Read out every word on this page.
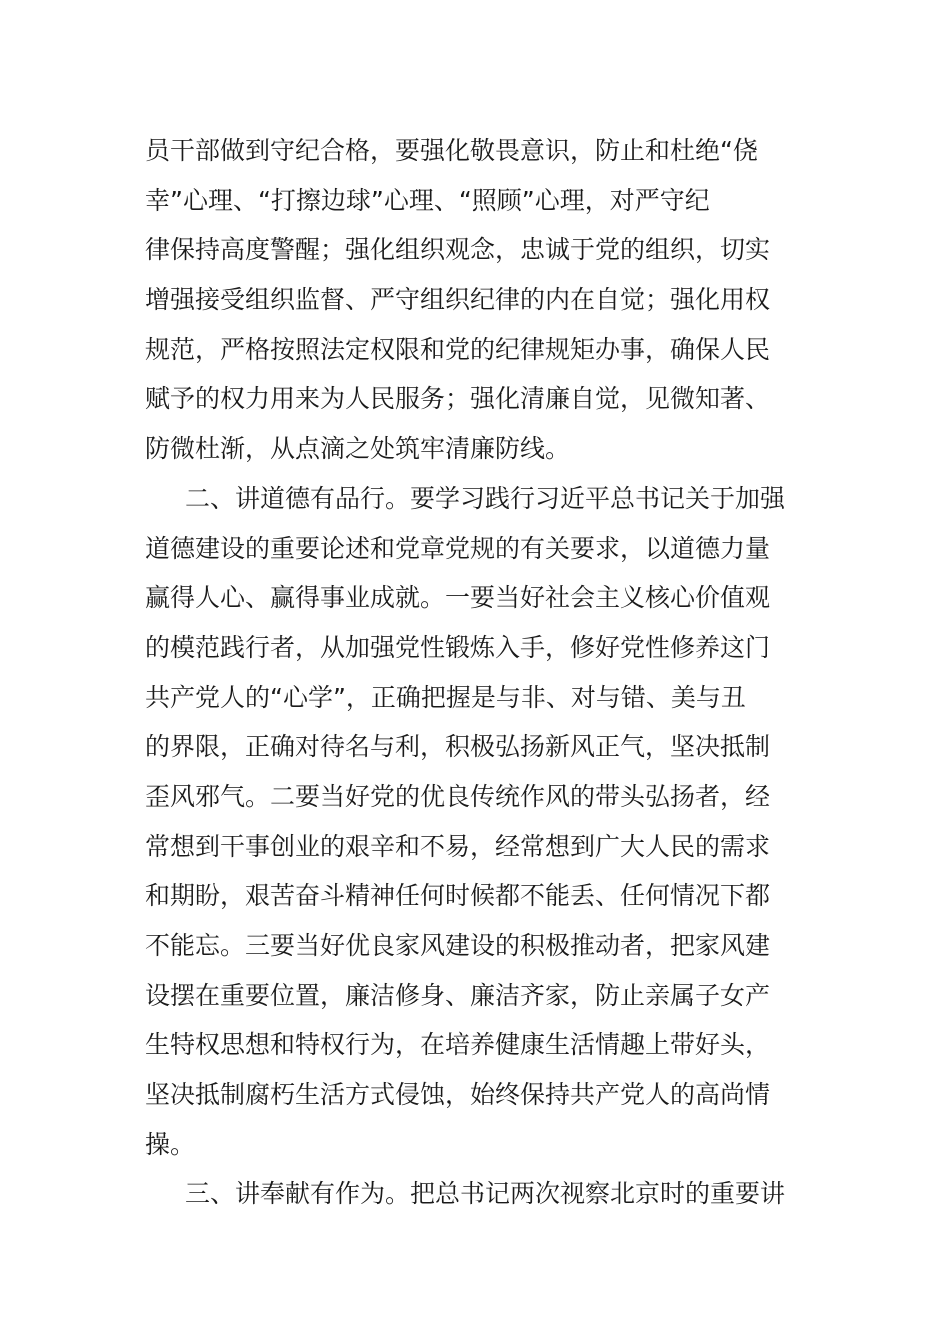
员干部做到守纪合格，要强化敬畏意识，防止和杜绝“侥
幸”心理、“打擦边球”心理、“照顾”心理，对严守纪
律保持高度警醒；强化组织观念，忠诚于党的组织，切实
增强接受组织监督、严守组织纪律的内在自觉；强化用权
规范，严格按照法定权限和党的纪律规矩办事，确保人民
赋予的权力用来为人民服务；强化清廉自觉，见微知著、
防微杜渐，从点滴之处筑牢清廉防线。
二、讲道德有品行。要学习践行习近平总书记关于加强
道德建设的重要论述和党章党规的有关要求，以道德力量
赢得人心、赢得事业成就。一要当好社会主义核心价值观
的模范践行者，从加强党性锻炼入手，修好党性修养这门
共产党人的“心学”，正确把握是与非、对与错、美与丑
的界限，正确对待名与利，积极弘扬新风正气，坚决抵制
歪风邪气。二要当好党的优良传统作风的带头弘扬者，经
常想到干事创业的艰辛和不易，经常想到广大人民的需求
和期盼，艰苦奋斗精神任何时候都不能丢、任何情况下都
不能忘。三要当好优良家风建设的积极推动者，把家风建
设摆在重要位置，廉洁修身、廉洁齐家，防止亲属子女产
生特权思想和特权行为，在培养健康生活情趣上带好头，
坚决抵制腐朽生活方式侵蚀，始终保持共产党人的高尚情
操。
三、讲奉献有作为。把总书记两次视察北京时的重要讲
